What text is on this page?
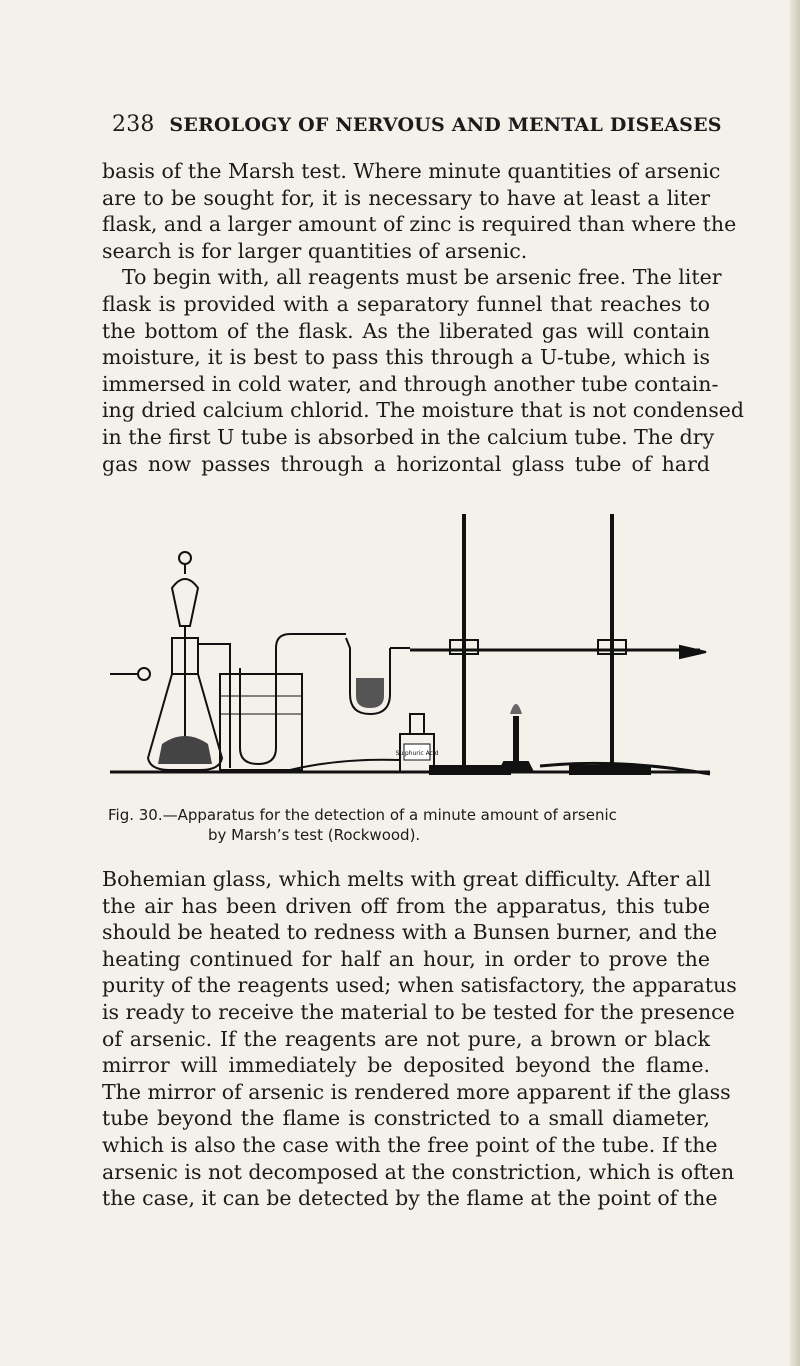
238 SEROLOGY OF NERVOUS AND MENTAL DISEASES
basis of the Marsh test. Where minute quantities of arsenic
are to be sought for, it is necessary to have at least a liter
flask, and a larger amount of zinc is required than where the
search is for larger quantities of arsenic.
To begin with, all reagents must be arsenic free. The liter
flask is provided with a separatory funnel that reaches to
the bottom of the flask. As the liberated gas will contain
moisture, it is best to pass this through a U-tube, which is
immersed in cold water, and through another tube contain-
ing dried calcium chlorid. The moisture that is not condensed
in the first U tube is absorbed in the calcium tube. The dry
gas now passes through a horizontal glass tube of hard
Sulphuric Acid
Fig. 30.—Apparatus for the detection of a minute amount of arsenic
by Marsh’s test (Rockwood).
Bohemian glass, which melts with great difficulty. After all
the air has been driven off from the apparatus, this tube
should be heated to redness with a Bunsen burner, and the
heating continued for half an hour, in order to prove the
purity of the reagents used; when satisfactory, the apparatus
is ready to receive the material to be tested for the presence
of arsenic. If the reagents are not pure, a brown or black
mirror will immediately be deposited beyond the flame.
The mirror of arsenic is rendered more apparent if the glass
tube beyond the flame is constricted to a small diameter,
which is also the case with the free point of the tube. If the
arsenic is not decomposed at the constriction, which is often
the case, it can be detected by the flame at the point of the
